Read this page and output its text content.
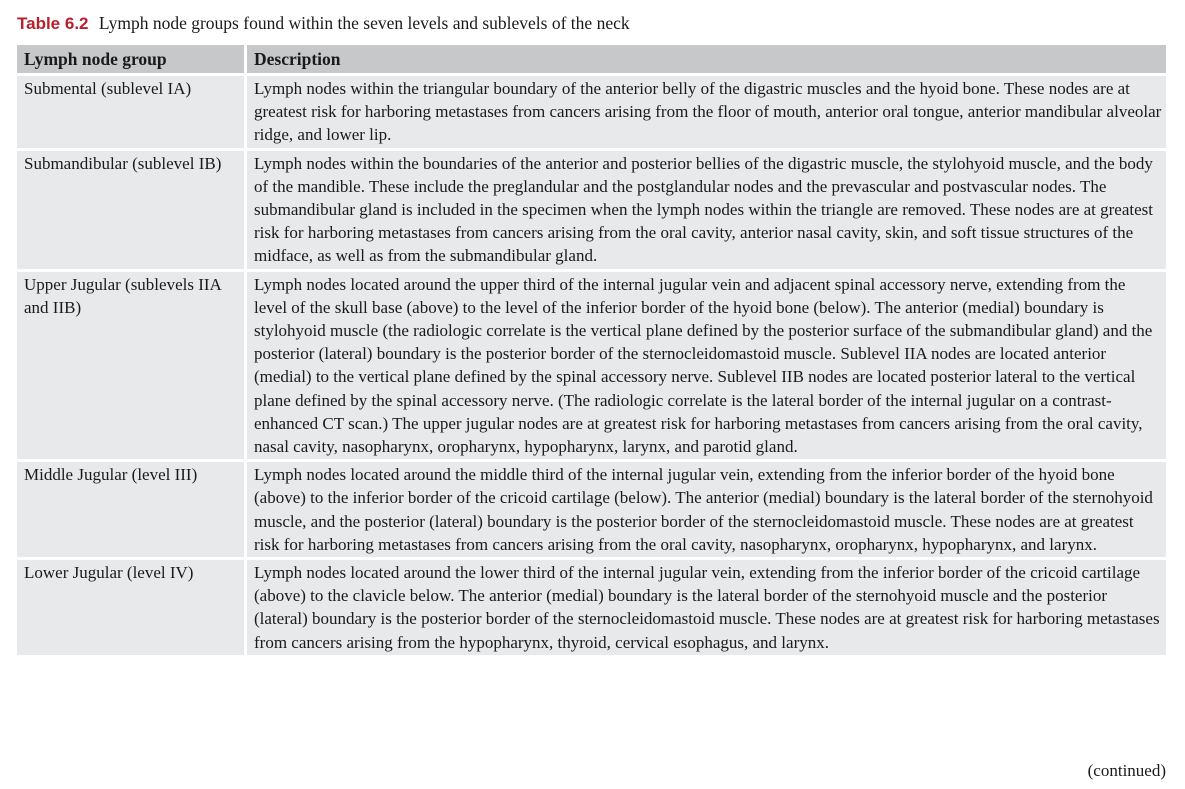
Table 6.2 Lymph node groups found within the seven levels and sublevels of the neck
Lymph node group	Description
Submental (sublevel IA)	Lymph nodes within the triangular boundary of the anterior belly of the digastric muscles and the hyoid bone. These nodes are at greatest risk for harboring metastases from cancers arising from the floor of mouth, anterior oral tongue, anterior mandibular alveolar ridge, and lower lip.
Submandibular (sublevel IB)	Lymph nodes within the boundaries of the anterior and posterior bellies of the digastric muscle, the stylohyoid muscle, and the body of the mandible. These include the preglandular and the postglandular nodes and the prevascular and postvascular nodes. The submandibular gland is included in the specimen when the lymph nodes within the triangle are removed. These nodes are at greatest risk for harboring metastases from cancers arising from the oral cavity, anterior nasal cavity, skin, and soft tissue structures of the midface, as well as from the submandibular gland.
Upper Jugular (sublevels IIA and IIB)	Lymph nodes located around the upper third of the internal jugular vein and adjacent spinal accessory nerve, extending from the level of the skull base (above) to the level of the inferior border of the hyoid bone (below). The anterior (medial) boundary is stylohyoid muscle (the radiologic correlate is the vertical plane defined by the posterior surface of the submandibular gland) and the posterior (lateral) boundary is the posterior border of the sternocleidomastoid muscle. Sublevel IIA nodes are located anterior (medial) to the vertical plane defined by the spinal accessory nerve. Sublevel IIB nodes are located posterior lateral to the vertical plane defined by the spinal accessory nerve. (The radiologic correlate is the lateral border of the internal jugular on a contrast-enhanced CT scan.) The upper jugular nodes are at greatest risk for harboring metastases from cancers arising from the oral cavity, nasal cavity, nasopharynx, oropharynx, hypopharynx, larynx, and parotid gland.
Middle Jugular (level III)	Lymph nodes located around the middle third of the internal jugular vein, extending from the inferior border of the hyoid bone (above) to the inferior border of the cricoid cartilage (below). The anterior (medial) boundary is the lateral border of the sternohyoid muscle, and the posterior (lateral) boundary is the posterior border of the sternocleidomastoid muscle. These nodes are at greatest risk for harboring metastases from cancers arising from the oral cavity, nasopharynx, oropharynx, hypopharynx, and larynx.
Lower Jugular (level IV)	Lymph nodes located around the lower third of the internal jugular vein, extending from the inferior border of the cricoid cartilage (above) to the clavicle below. The anterior (medial) boundary is the lateral border of the sternohyoid muscle and the posterior (lateral) boundary is the posterior border of the sternocleidomastoid muscle. These nodes are at greatest risk for harboring metastases from cancers arising from the hypopharynx, thyroid, cervical esophagus, and larynx.
(continued)
